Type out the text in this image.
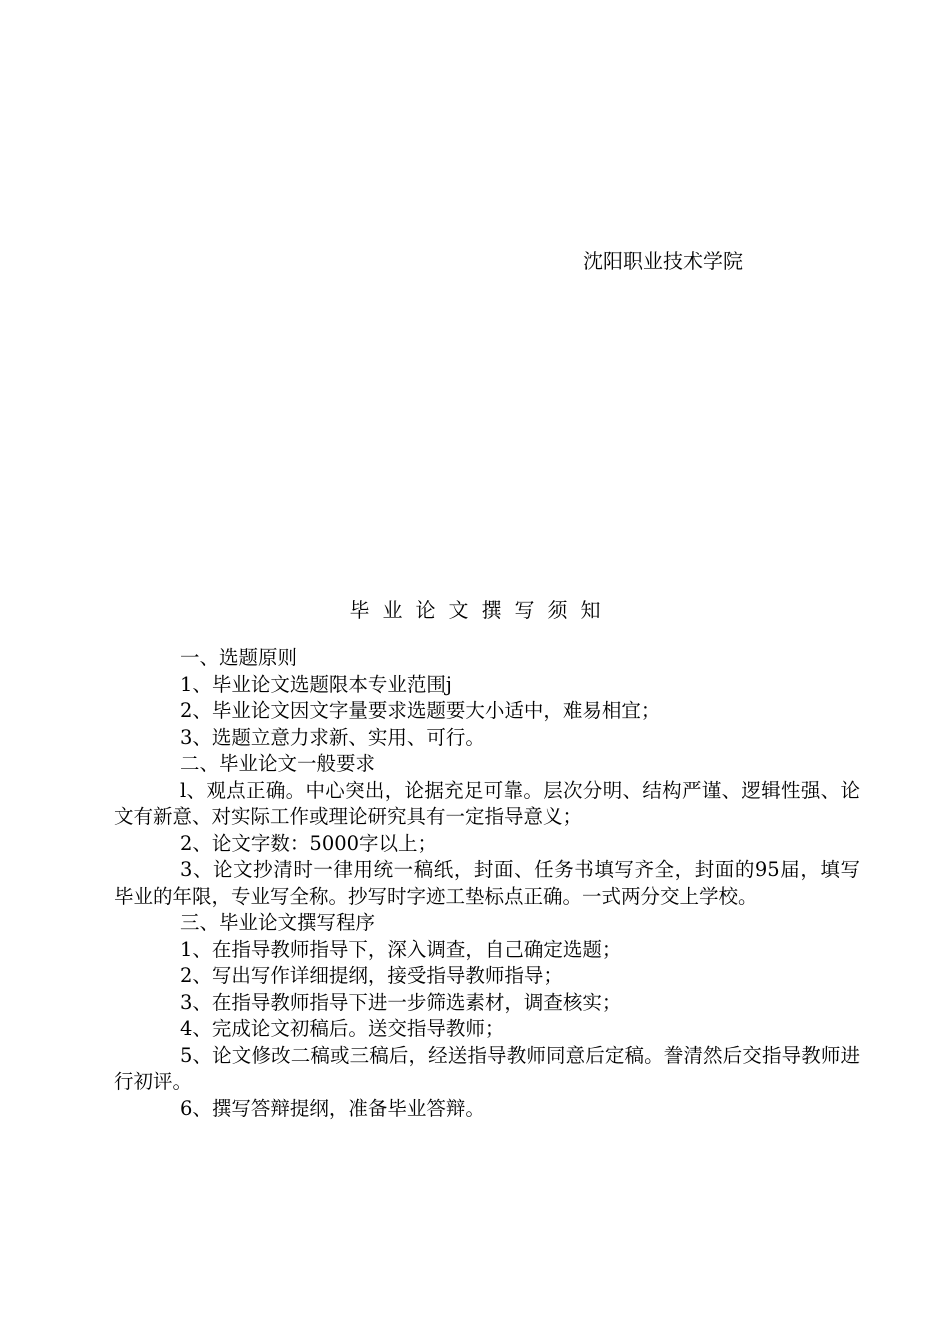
沈阳职业技术学院
毕业论文撰写须知

一、选题原则

1、毕业论文选题限本专业范围j

2、毕业论文因文字量要求选题要大小适中，难易相宜；

3、选题立意力求新、实用、可行。

二、毕业论文一般要求

l、观点正确。中心突出，论据充足可靠。层次分明、结构严谨、逻辑性强、论文有新意、对实际工作或理论研究具有一定指导意义；

2、论文字数：5000字以上；

3、论文抄清时一律用统一稿纸，封面、任务书填写齐全，封面的95届，填写毕业的年限，专业写全称。抄写时字迹工垫标点正确。一式两分交上学校。

三、毕业论文撰写程序

1、在指导教师指导下，深入调查，自己确定选题；

2、写出写作详细提纲，接受指导教师指导；

3、在指导教师指导下进一步筛选素材，调查核实；

4、完成论文初稿后。送交指导教师；

5、论文修改二稿或三稿后，经送指导教师同意后定稿。誊清然后交指导教师进行初评。

6、撰写答辩提纲，准备毕业答辩。
